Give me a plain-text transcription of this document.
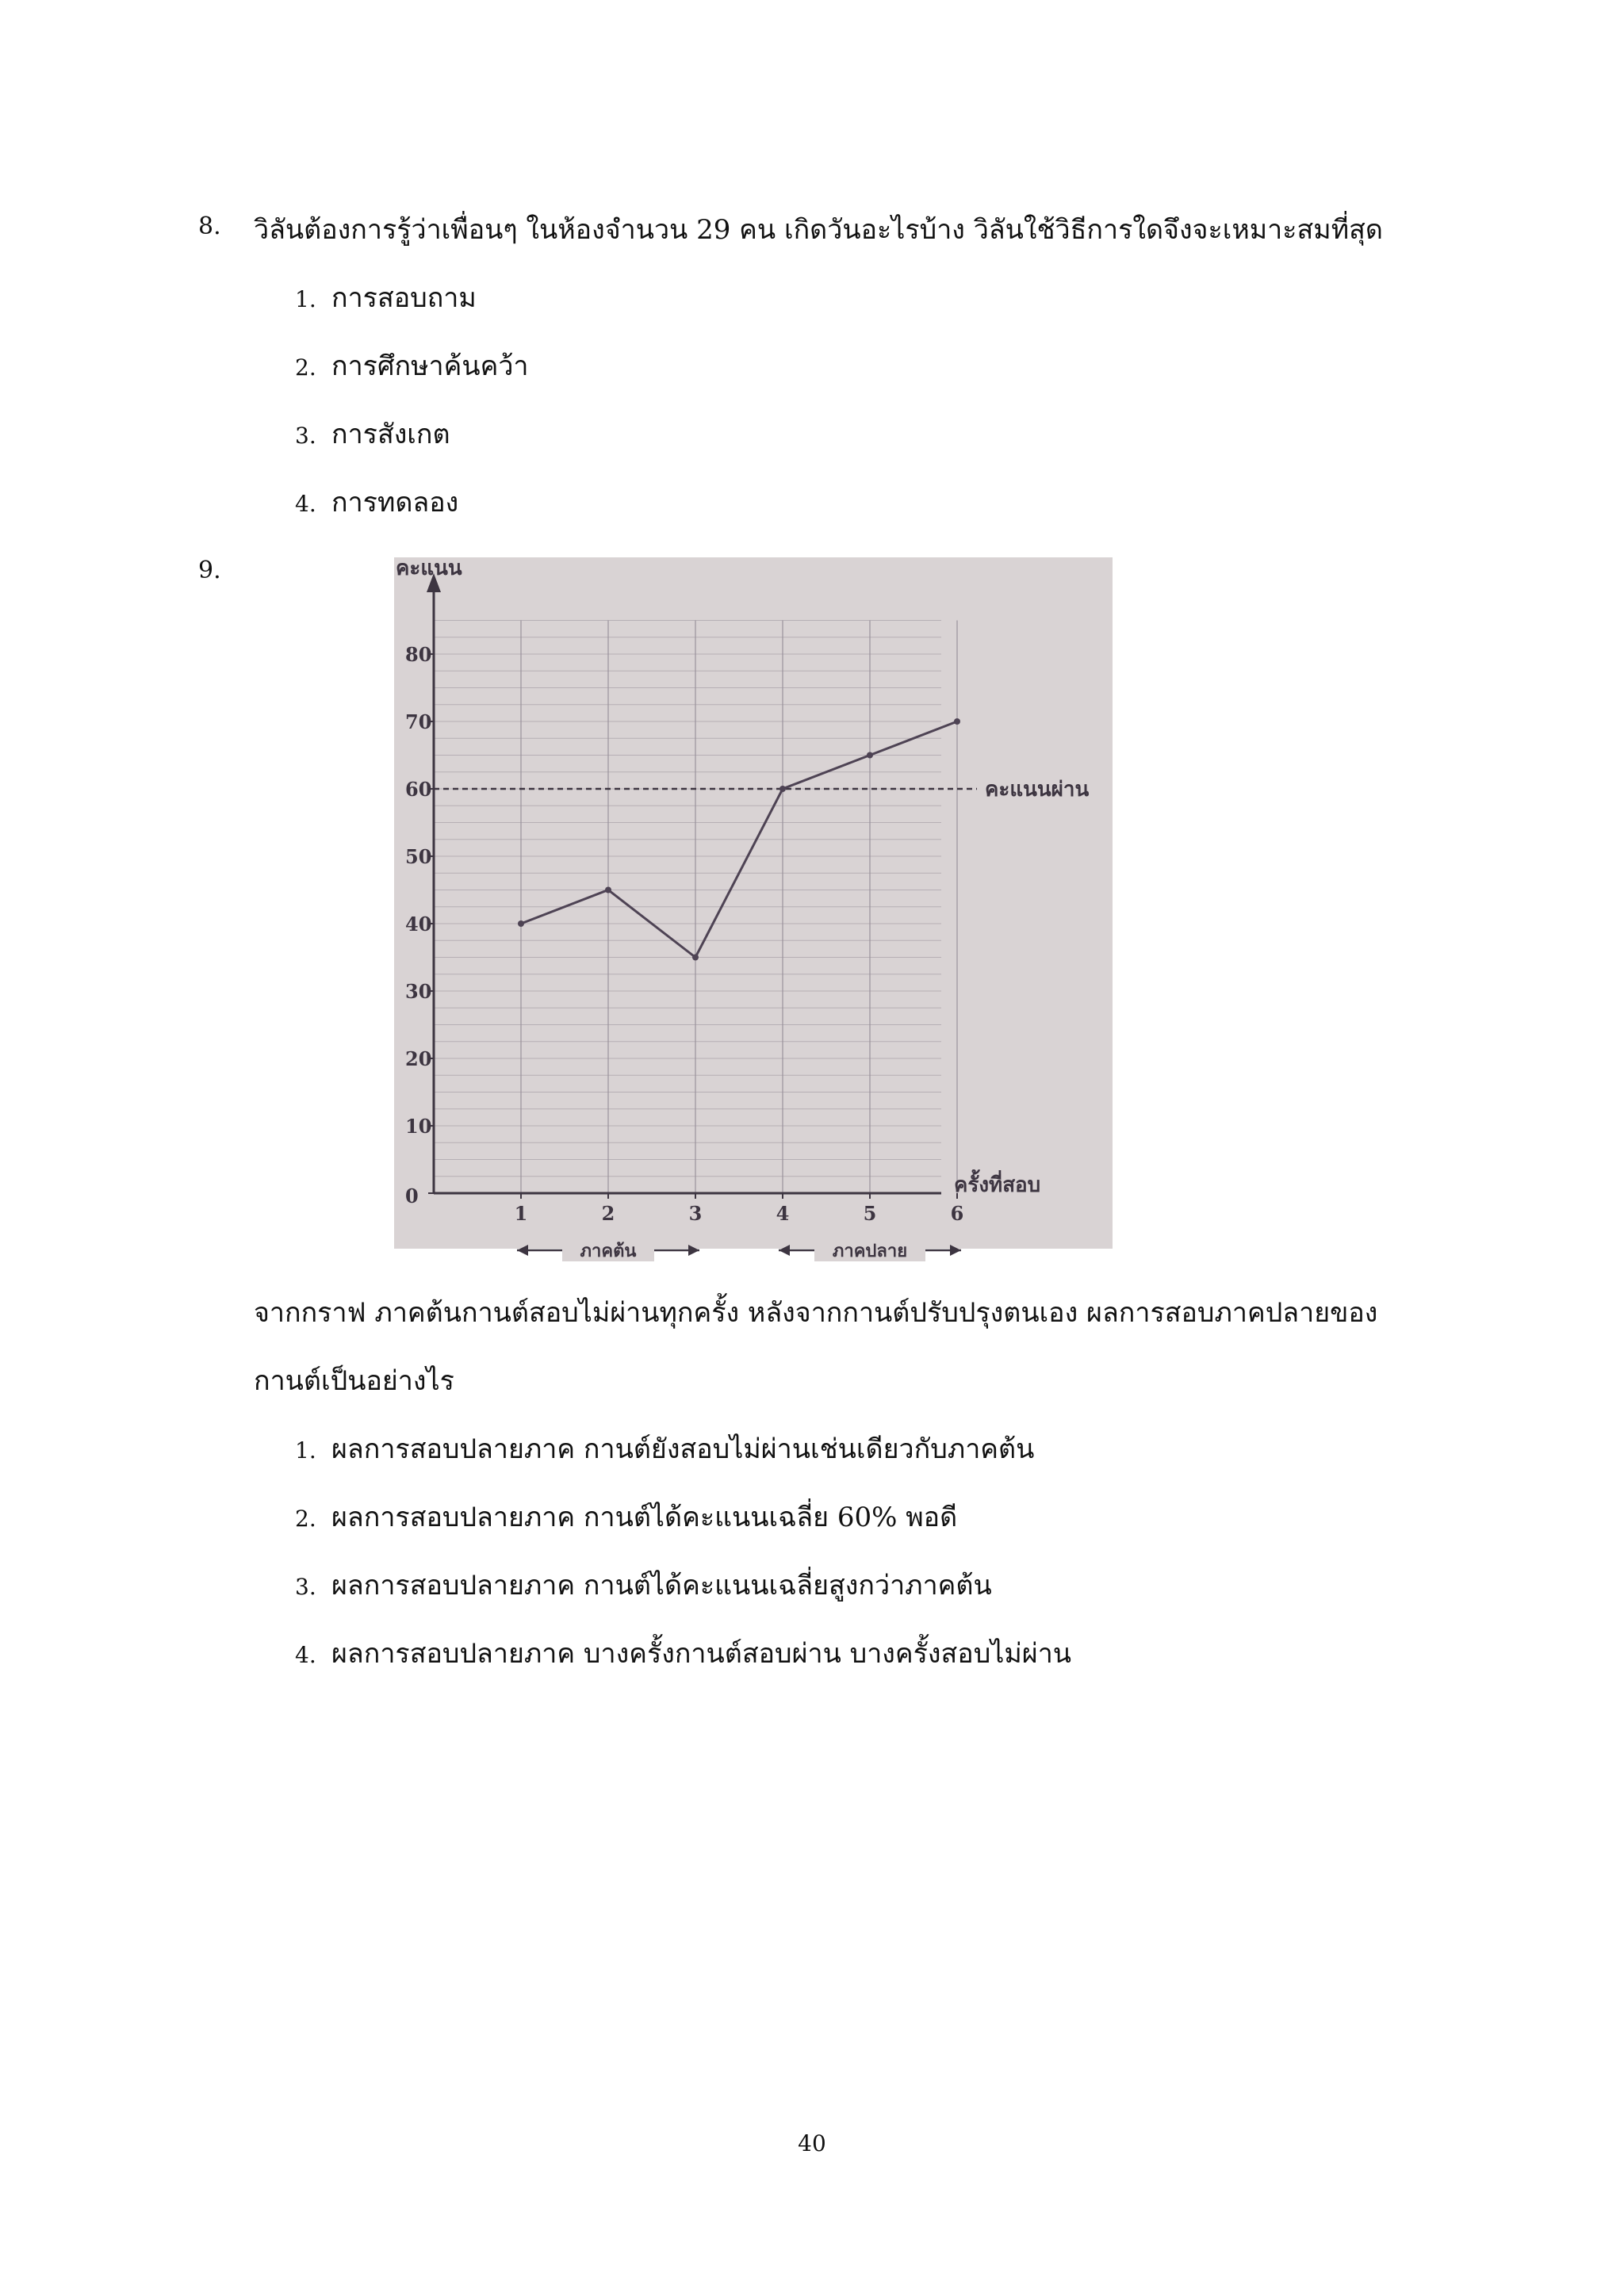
8. วิลันต้องการรู้ว่าเพื่อนๆ ในห้องจำนวน 29 คน เกิดวันอะไรบ้าง วิลันใช้วิธีการใดจึงจะเหมาะสมที่สุด
1. การสอบถาม
2. การศึกษาค้นคว้า
3. การสังเกต
4. การทดลอง
9.
0
10
20
30
40
50
60
70
80
1	2	3	4	5	6
คะแนนผ่าน
คะแนน
ครั้งที่สอบ
ภาคต้น	ภาคปลาย
จากกราฟ ภาคต้นกานต์สอบไม่ผ่านทุกครั้ง หลังจากกานต์ปรับปรุงตนเอง ผลการสอบภาคปลายของ
กานต์เป็นอย่างไร
1. ผลการสอบปลายภาค กานต์ยังสอบไม่ผ่านเช่นเดียวกับภาคต้น
2. ผลการสอบปลายภาค กานต์ได้คะแนนเฉลี่ย 60% พอดี
3. ผลการสอบปลายภาค กานต์ได้คะแนนเฉลี่ยสูงกว่าภาคต้น
4. ผลการสอบปลายภาค บางครั้งกานต์สอบผ่าน บางครั้งสอบไม่ผ่าน
40
